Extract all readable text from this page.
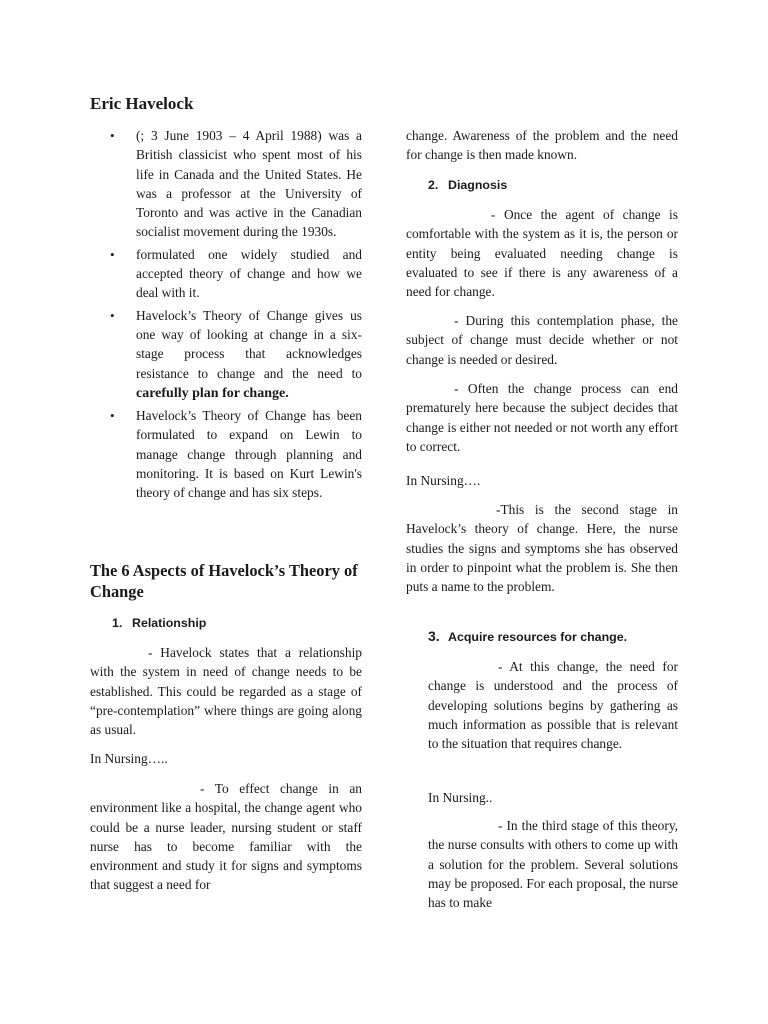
Eric Havelock
• (; 3 June 1903 – 4 April 1988) was a British classicist who spent most of his life in Canada and the United States. He was a professor at the University of Toronto and was active in the Canadian socialist movement during the 1930s.
• formulated one widely studied and accepted theory of change and how we deal with it.
• Havelock’s Theory of Change gives us one way of looking at change in a six-stage process that acknowledges resistance to change and the need to carefully plan for change.
• Havelock’s Theory of Change has been formulated to expand on Lewin to manage change through planning and monitoring. It is based on Kurt Lewin's theory of change and has six steps.
The 6 Aspects of Havelock’s Theory of Change
1. Relationship
- Havelock states that a relationship with the system in need of change needs to be established. This could be regarded as a stage of “pre-contemplation” where things are going along as usual.
In Nursing…..
- To effect change in an environment like a hospital, the change agent who could be a nurse leader, nursing student or staff nurse has to become familiar with the environment and study it for signs and symptoms that suggest a need for
change. Awareness of the problem and the need for change is then made known.
2. Diagnosis
- Once the agent of change is comfortable with the system as it is, the person or entity being evaluated needing change is evaluated to see if there is any awareness of a need for change.
- During this contemplation phase, the subject of change must decide whether or not change is needed or desired.
- Often the change process can end prematurely here because the subject decides that change is either not needed or not worth any effort to correct.
In Nursing….
-This is the second stage in Havelock’s theory of change. Here, the nurse studies the signs and symptoms she has observed in order to pinpoint what the problem is. She then puts a name to the problem.
3. Acquire resources for change.
- At this change, the need for change is understood and the process of developing solutions begins by gathering as much information as possible that is relevant to the situation that requires change.
In Nursing..
- In the third stage of this theory, the nurse consults with others to come up with a solution for the problem. Several solutions may be proposed. For each proposal, the nurse has to make
